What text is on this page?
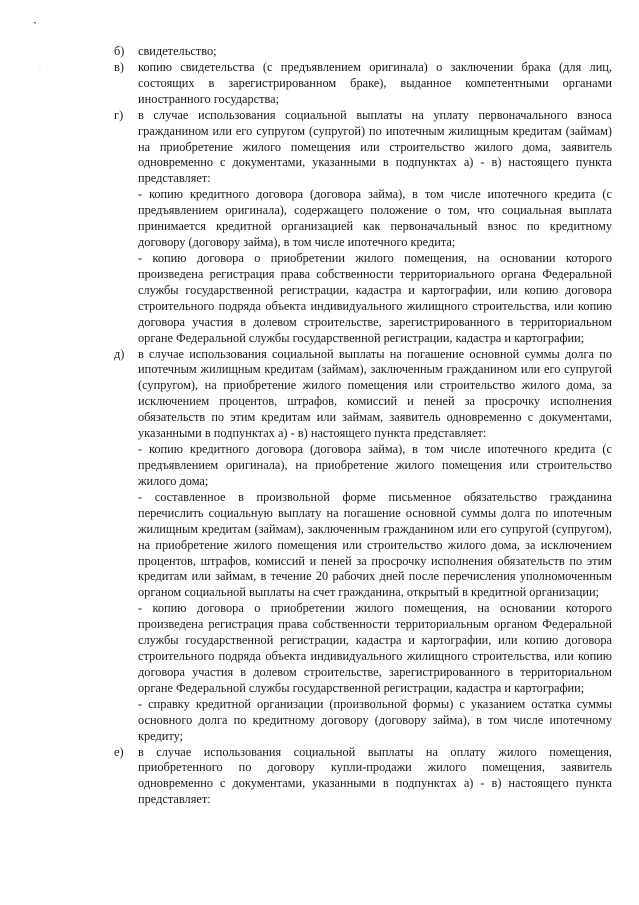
˺
·
б) свидетельство;
в) копию свидетельства (с предъявлением оригинала) о заключении брака (для лиц, состоящих в зарегистрированном браке), выданное компетентными органами иностранного государства;
г) в случае использования социальной выплаты на уплату первоначального взноса гражданином или его супругом (супругой) по ипотечным жилищным кредитам (займам) на приобретение жилого помещения или строительство жилого дома, заявитель одновременно с документами, указанными в подпунктах а) - в) настоящего пункта представляет:
- копию кредитного договора (договора займа), в том числе ипотечного кредита (с предъявлением оригинала), содержащего положение о том, что социальная выплата принимается кредитной организацией как первоначальный взнос по кредитному договору (договору займа), в том числе ипотечного кредита;
- копию договора о приобретении жилого помещения, на основании которого произведена регистрация права собственности территориального органа Федеральной службы государственной регистрации, кадастра и картографии, или копию договора строительного подряда объекта индивидуального жилищного строительства, или копию договора участия в долевом строительстве, зарегистрированного в территориальном органе Федеральной службы государственной регистрации, кадастра и картографии;
д) в случае использования социальной выплаты на погашение основной суммы долга по ипотечным жилищным кредитам (займам), заключенным гражданином или его супругой (супругом), на приобретение жилого помещения или строительство жилого дома, за исключением процентов, штрафов, комиссий и пеней за просрочку исполнения обязательств по этим кредитам или займам, заявитель одновременно с документами, указанными в подпунктах а) - в) настоящего пункта представляет:
- копию кредитного договора (договора займа), в том числе ипотечного кредита (с предъявлением оригинала), на приобретение жилого помещения или строительство жилого дома;
- составленное в произвольной форме письменное обязательство гражданина перечислить социальную выплату на погашение основной суммы долга по ипотечным жилищным кредитам (займам), заключенным гражданином или его супругой (супругом), на приобретение жилого помещения или строительство жилого дома, за исключением процентов, штрафов, комиссий и пеней за просрочку исполнения обязательств по этим кредитам или займам, в течение 20 рабочих дней после перечисления уполномоченным органом социальной выплаты на счет гражданина, открытый в кредитной организации;
- копию договора о приобретении жилого помещения, на основании которого произведена регистрация права собственности территориальным органом Федеральной службы государственной регистрации, кадастра и картографии, или копию договора строительного подряда объекта индивидуального жилищного строительства, или копию договора участия в долевом строительстве, зарегистрированного в территориальном органе Федеральной службы государственной регистрации, кадастра и картографии;
- справку кредитной организации (произвольной формы) с указанием остатка суммы основного долга по кредитному договору (договору займа), в том числе ипотечному кредиту;
е) в случае использования социальной выплаты на оплату жилого помещения, приобретенного по договору купли-продажи жилого помещения, заявитель одновременно с документами, указанными в подпунктах а) - в) настоящего пункта представляет:
